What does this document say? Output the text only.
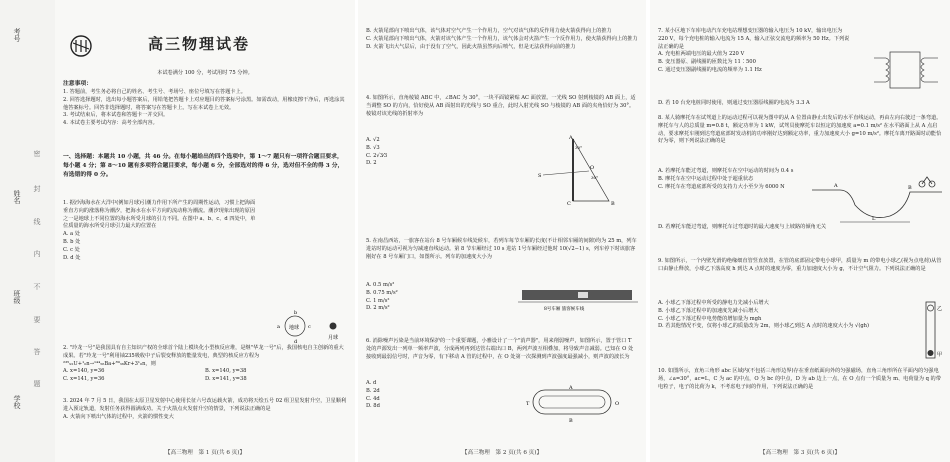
考号
姓名
班级
学校
密
封
线
内
不
要
答
题
高三物理试卷
本试卷满分 100 分，考试用时 75 分钟。
注意事项：

1. 答题前，考生务必将自己的姓名、考生号、考场号、座位号填写在答题卡上。

2. 回答选择题时，选出每小题答案后，用铅笔把答题卡上对应题目的答案标号涂黑。如需改动，用橡皮擦干净后，再选涂其他答案标号。回答非选择题时，将答案写在答题卡上。写在本试卷上无效。

3. 考试结束后，将本试卷和答题卡一并交回。

4. 本试卷主要考试内容：高考全部内容。

一、选择题：本题共 10 小题，共 46 分。在每小题给出的四个选项中，第 1～7 题只有一项符合题目要求，每小题 4 分；第 8～10 题有多项符合题目要求，每小题 6 分，全部选对的得 6 分，选对但不全的得 3 分，有选错的得 0 分。

1. 据沙海海水在大洋中(例如月球)引潮力作用下所产生的周期性运动，习惯上把海面垂直方向的涨落称为潮汐，把海水在水平方向的流动称为潮流。潮汐现象出现的原因之一是地球上不同位置的海水所受月球的引力不同。在图中 a、b、c、d 四处中，单位质量的海水所受月球引力最大的位置在

A. a 处
B. b 处
C. c 处
D. d 处
地球
a
b
c
d
月球

2. "玲龙一号"是我国具有自主知识产权的全球首个陆上模块化小型核反应堆，是继"华龙一号"后，我国核电自主创新的重大成果。若"玲龙一号"利用铀235吸收中子后裂变释放的能量发电，典型的核反应方程为 ²³⁵₉₂U+¹₀n→¹⁴⁴₅₆Ba+⁸⁹₃₆Kr+3¹₀n，则

A. x=140, y=36	B. x=140, y=38
C. x=141, y=36	D. x=141, y=38

3. 2024 年 7 月 5 日，我国在太原卫星发射中心使用长征六号改运载火箭，成功将天绘五号 02 组卫星发射升空，卫星顺利进入预定轨道，发射任务获得圆满成功。关于火箭点火发射升空的情景，下列说法正确的是

A. 火箭向下喷出气体的过程中，火箭的惯性变大
【高三物理　第 1 页(共 6 页)】

B. 火箭尾部向下喷出气体，该气体对空气产生一个作用力，空气对该气体的反作用力使火箭获得向上的推力

C. 火箭尾部向下喷出气体，火箭对该气体产生一个作用力，该气体会对火箭产生一个反作用力，使火箭获得向上的推力

D. 火箭飞出大气层后，由于没有了空气，因此火箭虽然向后喷气，但是无法获得向前的推力

4. 如图所示，直角棱镜 ABC 中，∠BAC 为 30°，一块平面镜紧贴 AC 面放置。一光线 SO 射到棱镜的 AB 面上，适当调整 SO 的方向，恰好使从 AB 面射出的光线与 SO 重合，此时入射光线 SO 与棱镜的 AB 面的夹角恰好为 30°。棱镜对该光线的折射率为

A. √2
B. √3
C. 2√3⁄3
D. 2
A
B
C
S
O
30°
30°

5. 在南昌西站，一旅客在站台 8 号车厢候车线处候车，若列车每节车厢的长度(不计相邻车厢的间隙)均为 25 m，列车进站时的运动可视为匀减速直线运动。第 8 节车厢经过 10 s 进站 1号车厢经过他时 10(√2−1) s，列车停下时该旅客刚好在 8 号车厢门口，如图所示。列车的加速度大小为

A. 0.5 m/s²
B. 0.75 m/s²
C. 1 m/s²
D. 2 m/s²	8号车厢 旅客候车线

6. 消除噪声污染是当前环境保护的一个重要课题，小雅设计了一个"消声器"，用来削弱噪声，如图所示，置于管口 T 处的声源发出一列单一频率声波，分成两列再到达管右端出口 B，两列声波互相叠加，将导致声音减弱。已知在 O 处接收到最弱信号时，声音为零，有下移动 A 管的过程中，在 O 处第一次探测到声波强度最强减小，则声波的波长为

A. d
B. 2d
C. 4d
D. 8d
A
T
B
O
【高三物理　第 2 页(共 6 页)】

7. 某小区地下车库电动汽车充电站理想变压器的输入电压为 10 kV，输出电压为 220 V，每个充电桩的输入电流为 15 A，输入正弦交流电的频率为 50 Hz。下列说法正确的是

A. 充电桩两端电压的最大值为 220 V
B. 变压器原、副线圈的匝数比为 11∶500
C. 通过变压器副线圈的电流的频率为 1.1 Hz
D. 若 10 台充电桩同时使用，则通过变压器原线圈的电流为 3.3 A

8. 某人骑摩托车在试驾道上的运动过程可以视为图中的从 A 位置由静止出发后的水平直线运动，再由左向右驶过一条弯道。摩托车与人的总质量 m=0.8 t，额定功率为 1 kW，试驾员使摩托车以恒定的加速度 a=0.1 m/s² 在水平路面上从 A 点启动，要求摩托车刚到达弯道底部时发动机的功率刚好达到额定功率，重力加速度大小 g=10 m/s²。摩托车离开路面时动能恰好为零，则下列说法正确的是

A. 若摩托车能过弯道，则摩托车在空中运动的时间为 0.4 s
B. 摩托车在空中运动过程中处于超重状态
C. 摩托车在弯道底部所受的支持力大小至少为 6000 N
D. 若摩托车能过弯道，则摩托车过弯道时的最大速度与上坡路的倾角无关
A	B
L

9. 如图所示，一个内壁光滑的绝缘细直管竖直放置，在管的底部固定带电小球甲，质量为 m 的带电小球乙(视为点电荷)从管口由静止释放，小球乙下落高度 h 到达 A 点时的速度为零，重力加速度大小为 g，不计空气阻力。下列说法正确的是

A. 小球乙下落过程中所受的静电力先减小后增大
B. 小球乙下落过程中的加速度先减小后增大
C. 小球乙下落过程中电势能的增加量为 mgh
D. 若其他情况不变，仅将小球乙的质量改为 2m，则小球乙到达 A 点时的速度大小为 √(gh)
乙
甲

10. 如图所示，直角三角形 abc 区域内(不包括三角形边界)存在垂直纸面向外的匀强磁场，直角三角形所在平面内的匀强电场，∠a=30°，ac=L，C 为 ac 的中点，O 为 bc 的中点，D 为 ab 边上一点，在 O 点有一个质量为 m、电荷量为 q 的带电粒子，电子的比荷为 k，不考虑电子间的作用，下列说法正确的是

【高三物理　第 3 页(共 6 页)】
